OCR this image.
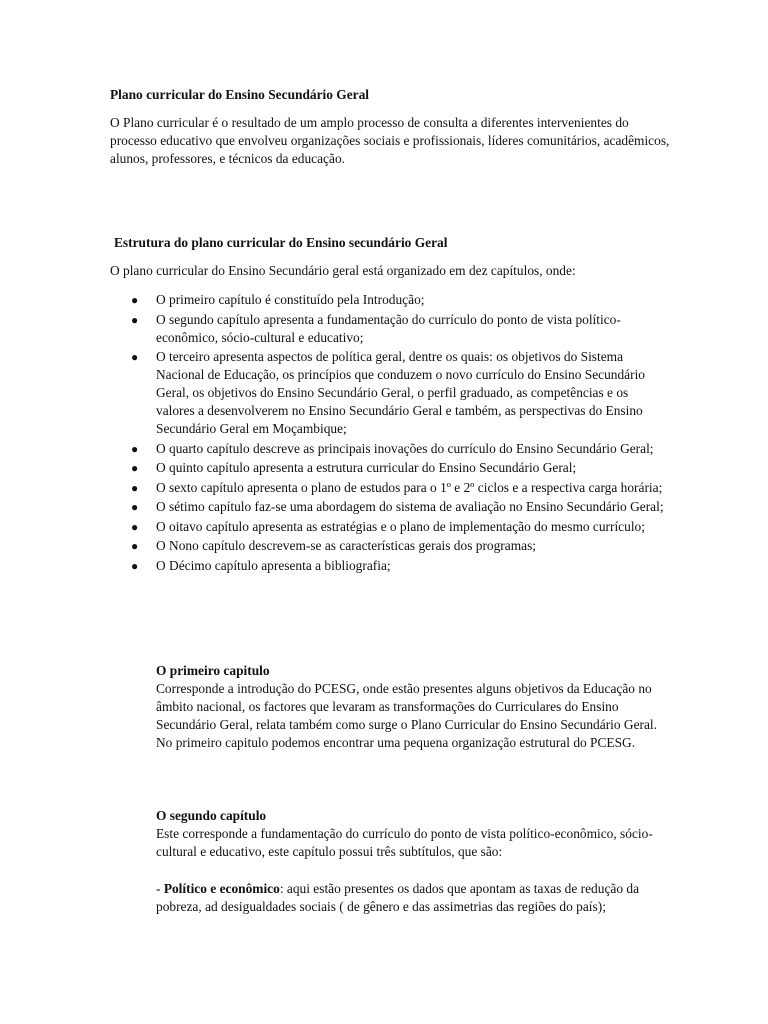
Plano curricular do Ensino Secundário Geral

O Plano curricular é o resultado de um amplo processo de consulta a diferentes intervenientes do processo educativo que envolveu organizações sociais e profissionais, líderes comunitários, acadêmicos, alunos, professores, e técnicos da educação.

Estrutura do plano curricular do Ensino secundário Geral

O plano curricular do Ensino Secundário geral está organizado em dez capítulos, onde:

● O primeiro capítulo é constituído pela Introdução;
● O segundo capítulo apresenta a fundamentação do currículo do ponto de vista político-econômico, sócio-cultural e educativo;
● O terceiro apresenta aspectos de política geral, dentre os quais: os objetivos do Sistema Nacional de Educação, os princípios que conduzem o novo currículo do Ensino Secundário Geral, os objetivos do Ensino Secundário Geral, o perfil graduado, as competências e os valores a desenvolverem no Ensino Secundário Geral e também, as perspectivas do Ensino Secundário Geral em Moçambique;
● O quarto capítulo descreve as principais inovações do currículo do Ensino Secundário Geral;
● O quinto capítulo apresenta a estrutura curricular do Ensino Secundário Geral;
● O sexto capítulo apresenta o plano de estudos para o 1º e 2º ciclos e a respectiva carga horária;
● O sétimo capítulo faz-se uma abordagem do sistema de avaliação no Ensino Secundário Geral;
● O oitavo capítulo apresenta as estratégias e o plano de implementação do mesmo currículo;
● O Nono capítulo descrevem-se as características gerais dos programas;
● O Décimo capítulo apresenta a bibliografia;
O primeiro capitulo

Corresponde a introdução do PCESG, onde estão presentes alguns objetivos da Educação no âmbito nacional, os factores que levaram as transformações do Curriculares do Ensino Secundário Geral, relata também como surge o Plano Curricular do Ensino Secundário Geral. No primeiro capitulo podemos encontrar uma pequena organização estrutural do PCESG.

O segundo capítulo

Este corresponde a fundamentação do currículo do ponto de vista político-econômico, sócio-cultural e educativo, este capítulo possui três subtítulos, que são:

- Político e econômico: aqui estão presentes os dados que apontam as taxas de redução da pobreza, ad desigualdades sociais ( de gênero e das assimetrias das regiões do país);
